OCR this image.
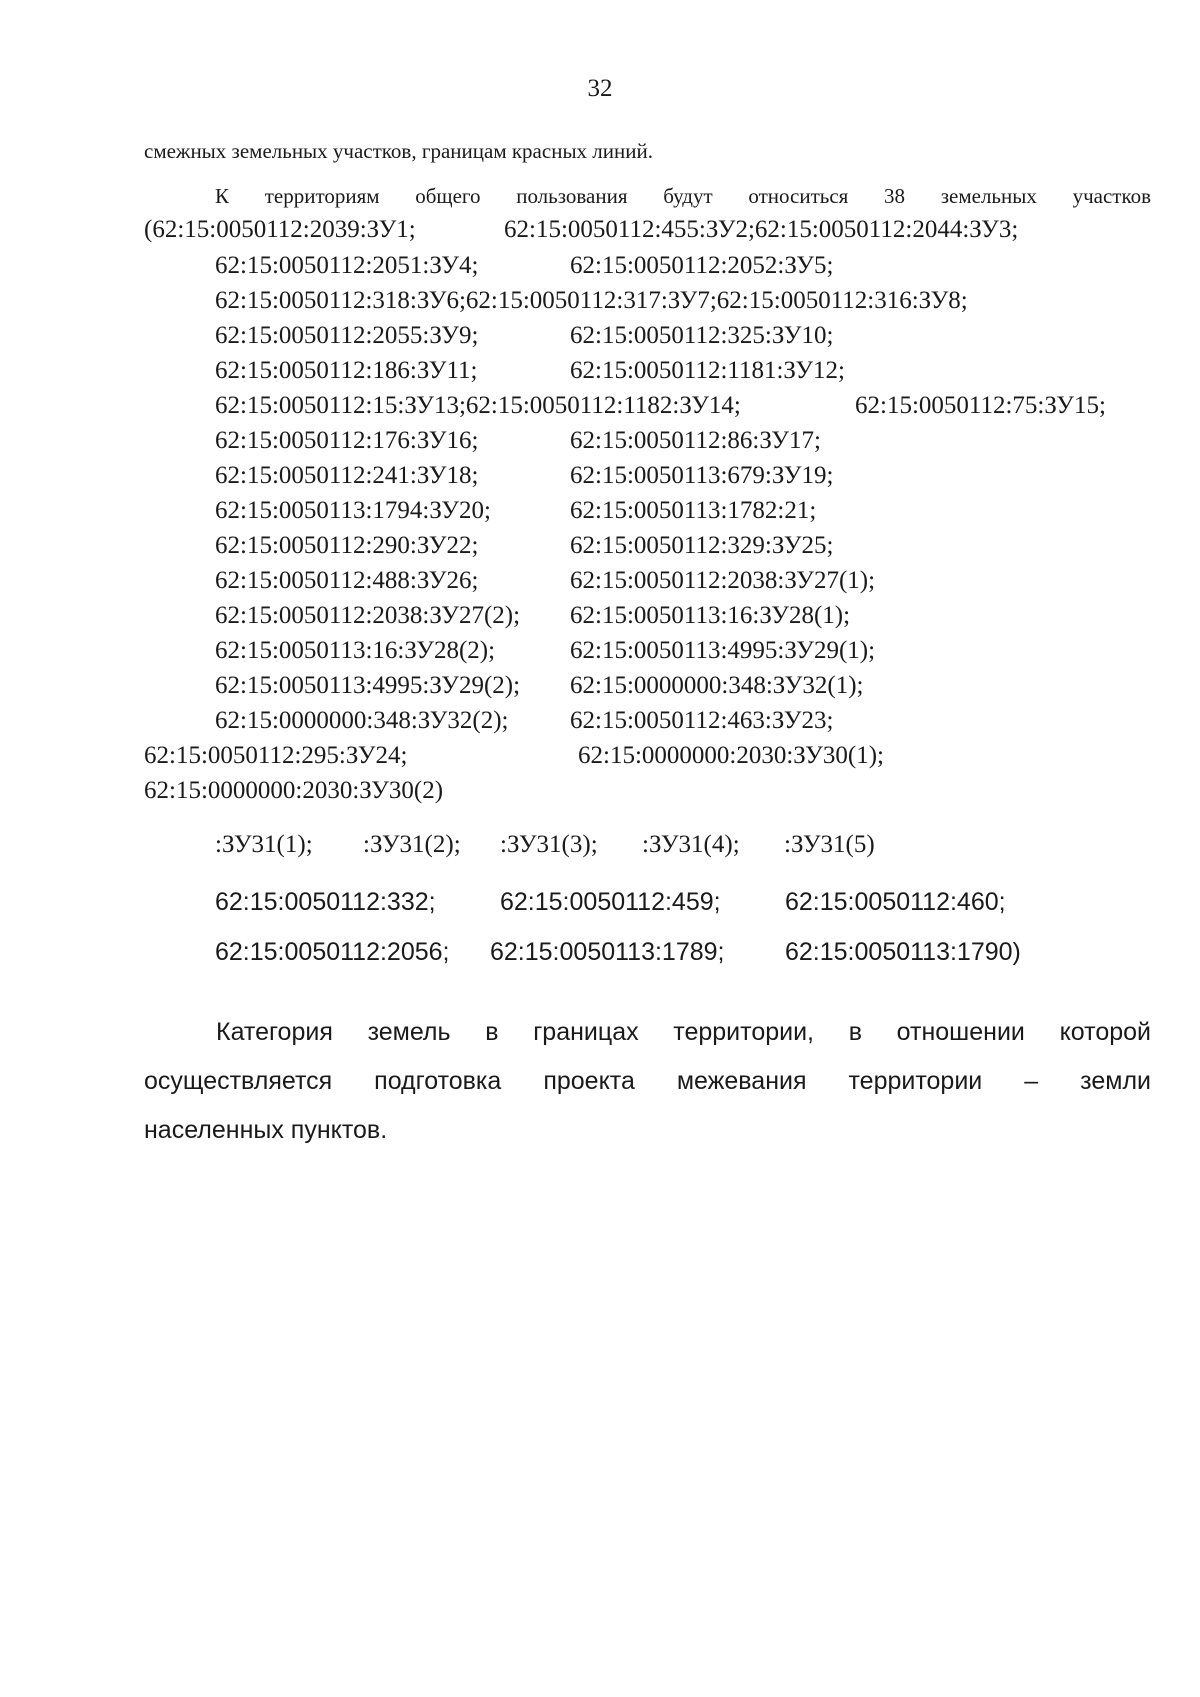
32
смежных земельных участков, границам красных линий.
К территориям общего пользования будут относиться 38 земельных участков
(62:15:0050112:2039:ЗУ1;	62:15:0050112:455:ЗУ2;62:15:0050112:2044:ЗУ3;
62:15:0050112:2051:ЗУ4;	62:15:0050112:2052:ЗУ5;
62:15:0050112:318:ЗУ6;62:15:0050112:317:ЗУ7;62:15:0050112:316:ЗУ8;
62:15:0050112:2055:ЗУ9;	62:15:0050112:325:ЗУ10;
62:15:0050112:186:ЗУ11;	62:15:0050112:1181:ЗУ12;
62:15:0050112:15:ЗУ13;62:15:0050112:1182:ЗУ14;	62:15:0050112:75:ЗУ15;
62:15:0050112:176:ЗУ16;	62:15:0050112:86:ЗУ17;
62:15:0050112:241:ЗУ18;	62:15:0050113:679:ЗУ19;
62:15:0050113:1794:ЗУ20;	62:15:0050113:1782:21;
62:15:0050112:290:ЗУ22;	62:15:0050112:329:ЗУ25;
62:15:0050112:488:ЗУ26;	62:15:0050112:2038:ЗУ27(1);
62:15:0050112:2038:ЗУ27(2); 62:15:0050113:16:ЗУ28(1);
62:15:0050113:16:ЗУ28(2);	62:15:0050113:4995:ЗУ29(1);
62:15:0050113:4995:ЗУ29(2); 62:15:0000000:348:ЗУ32(1);
62:15:0000000:348:ЗУ32(2); 62:15:0050112:463:ЗУ23;
62:15:0050112:295:ЗУ24;	62:15:0000000:2030:ЗУ30(1);
62:15:0000000:2030:ЗУ30(2)
:ЗУ31(1); :ЗУ31(2); :ЗУ31(3); :ЗУ31(4); :ЗУ31(5)
62:15:0050112:332;	62:15:0050112:459;	62:15:0050112:460;
62:15:0050112:2056; 62:15:0050113:1789; 62:15:0050113:1790)

Категория земель в границах территории, в отношении которой

осуществляется подготовка проекта межевания территории – земли

населенных пунктов.
